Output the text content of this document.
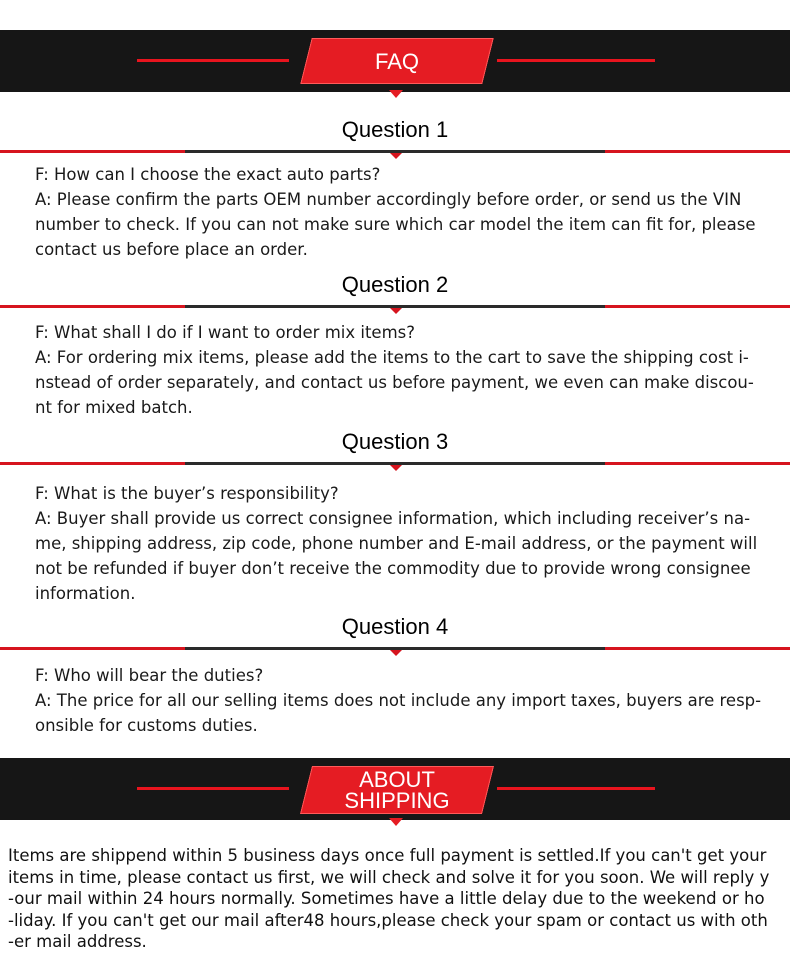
FAQ
Question 1
F: How can I choose the exact auto parts?
A: Please confirm the parts OEM number accordingly before order, or send us the VIN
number to check. If you can not make sure which car model the item can fit for, please
contact us before place an order.
Question 2
F: What shall I do if I want to order mix items?
A: For ordering mix items, please add the items to the cart to save the shipping cost i-
nstead of order separately, and contact us before payment, we even can make discou-
nt for mixed batch.
Question 3
F: What is the buyer’s responsibility?
A: Buyer shall provide us correct consignee information, which including receiver’s na-
me, shipping address, zip code, phone number and E-mail address, or the payment will
not be refunded if buyer don’t receive the commodity due to provide wrong consignee
information.
Question 4
F: Who will bear the duties?
A: The price for all our selling items does not include any import taxes, buyers are resp-
onsible for customs duties.
ABOUT
SHIPPING
Items are shippend within 5 business days once full payment is settled.If you can't get your
items in time, please contact us first, we will check and solve it for you soon. We will reply y
-our mail within 24 hours normally. Sometimes have a little delay due to the weekend or ho
-liday. If you can't get our mail after48 hours,please check your spam or contact us with oth
-er mail address.
